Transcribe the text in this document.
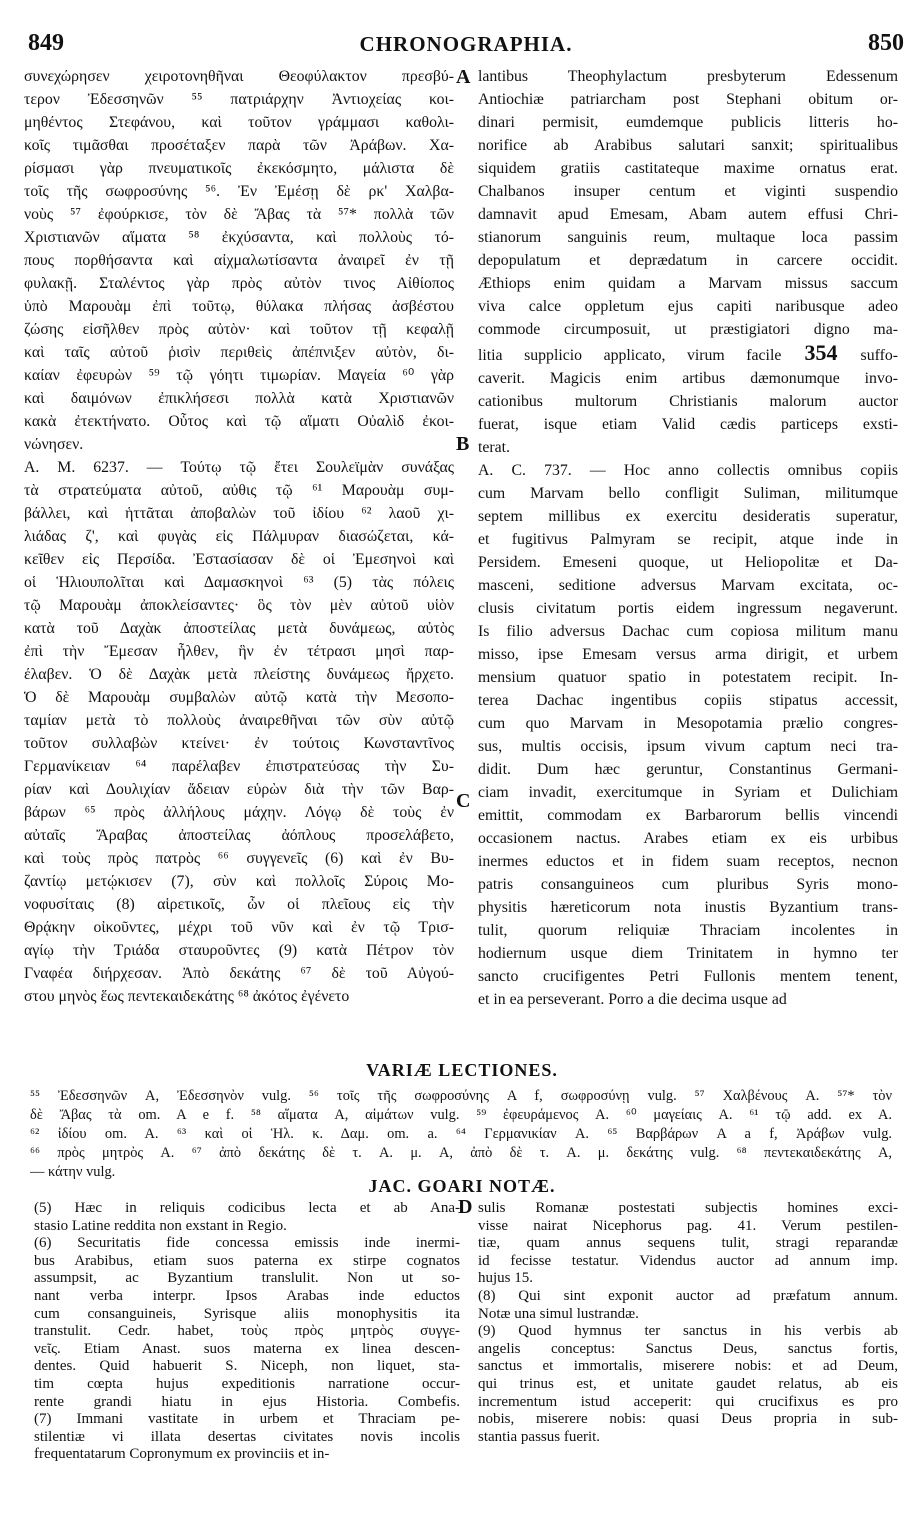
849	CHRONOGRAPHIA.	850
συνεχώρησεν χειροτονηθῆναι Θεοφύλακτον πρεσβύ-
τερον Ἐδεσσηνῶν ⁵⁵ πατριάρχην Ἀντιοχείας κοι-
μηθέντος Στεφάνου, καὶ τοῦτον γράμμασι καθολι-
κοῖς τιμᾶσθαι προσέταξεν παρὰ τῶν Ἀράβων. Χα-
ρίσμασι γὰρ πνευματικοῖς ἐκεκόσμητο, μάλιστα δὲ
τοῖς τῆς σωφροσύνης ⁵⁶. Ἐν Ἐμέσῃ δὲ ρκ' Χαλβα-
νοὺς ⁵⁷ ἐφούρκισε, τὸν δὲ Ἄβας τὰ ⁵⁷* πολλὰ τῶν
Χριστιανῶν αἵματα ⁵⁸ ἐκχύσαντα, καὶ πολλοὺς τό-
πους πορθήσαντα καὶ αἰχμαλωτίσαντα ἀναιρεῖ ἐν τῇ
φυλακῇ. Σταλέντος γὰρ πρὸς αὐτὸν τινος Αἰθίοπος
ὑπὸ Μαρουὰμ ἐπὶ τοῦτῳ, θύλακα πλήσας ἀσβέστου
ζώσης εἰσῆλθεν πρὸς αὐτὸν· καὶ τοῦτον τῇ κεφαλῇ
καὶ ταῖς αὐτοῦ ῥισὶν περιθεὶς ἀπέπνιξεν αὐτὸν, δι-
καίαν ἐφευρὼν ⁵⁹ τῷ γόητι τιμωρίαν. Μαγεία ⁶⁰ γὰρ
καὶ δαιμόνων ἐπικλήσεσι πολλὰ κατὰ Χριστιανῶν
κακὰ ἐτεκτήνατο. Οὗτος καὶ τῷ αἵματι Οὐαλὶδ ἐκοι-
νώνησεν.
A. M. 6237. — Τούτῳ τῷ ἔτει Σουλεϊμὰν συνάξας
τὰ στρατεύματα αὐτοῦ, αὐθις τῷ ⁶¹ Μαρουὰμ συμ-
βάλλει, καὶ ἡττᾶται ἀποβαλὼν τοῦ ἰδίου ⁶² λαοῦ χι-
λιάδας ζ', καὶ φυγὰς εἰς Πάλμυραν διασώζεται, κά-
κεῖθεν εἰς Περσίδα. Ἐστασίασαν δὲ οἱ Ἐμεσηνοὶ καὶ
οἱ Ἡλιουπολῖται καὶ Δαμασκηνοὶ ⁶³ (5) τὰς πόλεις
τῷ Μαρουὰμ ἀποκλείσαντες· ὃς τὸν μὲν αὐτοῦ υἱὸν
κατὰ τοῦ Δαχὰκ ἀποστείλας μετὰ δυνάμεως, αὐτὸς
ἐπὶ τὴν Ἔμεσαν ἦλθεν, ἣν ἐν τέτρασι μησὶ παρ-
έλαβεν. Ὁ δὲ Δαχὰκ μετὰ πλείστης δυνάμεως ἤρχετο.
Ὁ δὲ Μαρουὰμ συμβαλὼν αὐτῷ κατὰ τὴν Μεσοπο-
ταμίαν μετὰ τὸ πολλοὺς ἀναιρεθῆναι τῶν σὺν αὐτῷ
τοῦτον συλλαβὼν κτείνει· ἐν τούτοις Κωνσταντῖνος
Γερμανίκειαν ⁶⁴ παρέλαβεν ἐπιστρατεύσας τὴν Συ-
ρίαν καὶ Δουλιχίαν ἄδειαν εὑρὼν διὰ τὴν τῶν Βαρ-
βάρων ⁶⁵ πρὸς ἀλλήλους μάχην. Λόγῳ δὲ τοὺς ἐν
αὐταῖς Ἄραβας ἀποστείλας ἀόπλους προσελάβετο,
καὶ τοὺς πρὸς πατρὸς ⁶⁶ συγγενεῖς (6) καὶ ἐν Βυ-
ζαντίῳ μετῴκισεν (7), σὺν καὶ πολλοῖς Σύροις Μο-
νοφυσίταις (8) αἱρετικοῖς, ὧν οἱ πλεῖους εἰς τὴν
Θρᾴκην οἰκοῦντες, μέχρι τοῦ νῦν καὶ ἐν τῷ Τρισ-
αγίῳ τὴν Τριάδα σταυροῦντες (9) κατὰ Πέτρον τὸν
Γναφέα διήρχεσαν. Ἀπὸ δεκάτης ⁶⁷ δὲ τοῦ Αὐγού-
στου μηνὸς ἕως πεντεκαιδεκάτης ⁶⁸ ἀκότος ἐγένετο
lantibus Theophylactum presbyterum Edessenum
Antiochiæ patriarcham post Stephani obitum or-
dinari permisit, eumdemque publicis litteris ho-
norifice ab Arabibus salutari sanxit; spiritualibus
siquidem gratiis castitateque maxime ornatus erat.
Chalbanos insuper centum et viginti suspendio
damnavit apud Emesam, Abam autem effusi Chri-
stianorum sanguinis reum, multaque loca passim
depopulatum et deprædatum in carcere occidit.
Æthiops enim quidam a Marvam missus saccum
viva calce oppletum ejus capiti naribusque adeo
commode circumposuit, ut præstigiatori digno ma-
litia supplicio applicato, virum facile 354 suffo-
caverit. Magicis enim artibus dæmonumque invo-
cationibus multorum Christianis malorum auctor
fuerat, isque etiam Valid cædis particeps exsti-
terat.
A. C. 737. — Hoc anno collectis omnibus copiis
cum Marvam bello confligit Suliman, militumque
septem millibus ex exercitu desideratis superatur,
et fugitivus Palmyram se recipit, atque inde in
Persidem. Emeseni quoque, ut Heliopolitæ et Da-
masceni, seditione adversus Marvam excitata, oc-
clusis civitatum portis eidem ingressum negaverunt.
Is filio adversus Dachac cum copiosa militum manu
misso, ipse Emesam versus arma dirigit, et urbem
mensium quatuor spatio in potestatem recipit. In-
terea Dachac ingentibus copiis stipatus accessit,
cum quo Marvam in Mesopotamia prælio congres-
sus, multis occisis, ipsum vivum captum neci tra-
didit. Dum hæc geruntur, Constantinus Germani-
ciam invadit, exercitumque in Syriam et Dulichiam
emittit, commodam ex Barbarorum bellis vincendi
occasionem nactus. Arabes etiam ex eis urbibus
inermes eductos et in fidem suam receptos, necnon
patris consanguineos cum pluribus Syris mono-
physitis hæreticorum nota inustis Byzantium trans-
tulit, quorum reliquiæ Thraciam incolentes in
hodiernum usque diem Trinitatem in hymno ter
sancto crucifigentes Petri Fullonis mentem tenent,
et in ea perseverant. Porro a die decima usque ad
A
B
C
D
VARIÆ LECTIONES.
⁵⁵ Ἐδεσσηνῶν A, Ἐδεσσηνὸν vulg. ⁵⁶ τοῖς τῆς σωφροσύνης A f, σωφροσύνῃ vulg. ⁵⁷ Χαλβένους A. ⁵⁷* τὸν
δὲ Ἄβας τὰ om. A e f. ⁵⁸ αἵματα A, αἱμάτων vulg. ⁵⁹ ἐφευράμενος A. ⁶⁰ μαγείαις A. ⁶¹ τῷ add. ex A.
⁶² ἰδίου om. A. ⁶³ καὶ οἱ Ἡλ. κ. Δαμ. om. a. ⁶⁴ Γερμανικίαν A. ⁶⁵ Βαρβάρων A a f, Ἀράβων vulg.
⁶⁶ πρὸς μητρὸς A. ⁶⁷ ἀπὸ δεκάτης δὲ τ. A. μ. A, ἀπὸ δὲ τ. A. μ. δεκάτης vulg. ⁶⁸ πεντεκαιδεκάτης A,
— κάτην vulg.
JAC. GOARI NOTÆ.
(5) Hæc in reliquis codicibus lecta et ab Ana-
stasio Latine reddita non exstant in Regio.
(6) Securitatis fide concessa emissis inde inermi-
bus Arabibus, etiam suos paterna ex stirpe cognatos
assumpsit, ac Byzantium translulit. Non ut so-
nant verba interpr. Ipsos Arabas inde eductos
cum consanguineis, Syrisque aliis monophysitis ita
transtulit. Cedr. habet, τοὺς πρὸς μητρὸς συγγε-
νεῖς. Etiam Anast. suos materna ex linea descen-
dentes. Quid habuerit S. Niceph, non liquet, sta-
tim cœpta hujus expeditionis narratione occur-
rente grandi hiatu in ejus Historia. Combefis.
(7) Immani vastitate in urbem et Thraciam pe-
stilentiæ vi illata desertas civitates novis incolis
frequentatarum Copronymum ex provinciis et in-
sulis Romanæ postestati subjectis homines exci-
visse nairat Nicephorus pag. 41. Verum pestilen-
tiæ, quam annus sequens tulit, stragi reparandæ
id fecisse testatur. Videndus auctor ad annum imp.
hujus 15.
(8) Qui sint exponit auctor ad præfatum annum.
Notæ una simul lustrandæ.
(9) Quod hymnus ter sanctus in his verbis ab
angelis conceptus: Sanctus Deus, sanctus fortis,
sanctus et immortalis, miserere nobis: et ad Deum,
qui trinus est, et unitate gaudet relatus, ab eis
incrementum istud acceperit: qui crucifixus es pro
nobis, miserere nobis: quasi Deus propria in sub-
stantia passus fuerit.
